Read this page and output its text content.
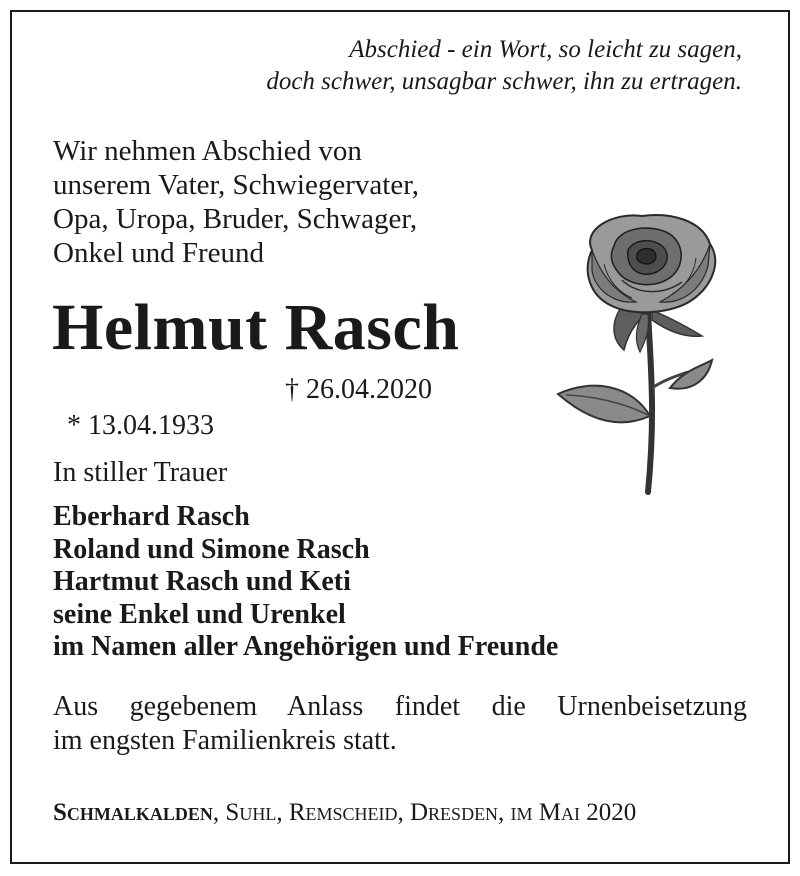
Abschied - ein Wort, so leicht zu sagen,
doch schwer, unsagbar schwer, ihn zu ertragen.
Wir nehmen Abschied von
unserem Vater, Schwiegervater,
Opa, Uropa, Bruder, Schwager,
Onkel und Freund
Helmut Rasch

* 13.04.1933

† 26.04.2020

In stiller Trauer
Eberhard Rasch
Roland und Simone Rasch
Hartmut Rasch und Keti
seine Enkel und Urenkel
im Namen aller Angehörigen und Freunde
Aus gegebenem Anlass findet die Urnenbeisetzung
im engsten Familienkreis statt.
Schmalkalden, Suhl, Remscheid, Dresden, im Mai 2020
